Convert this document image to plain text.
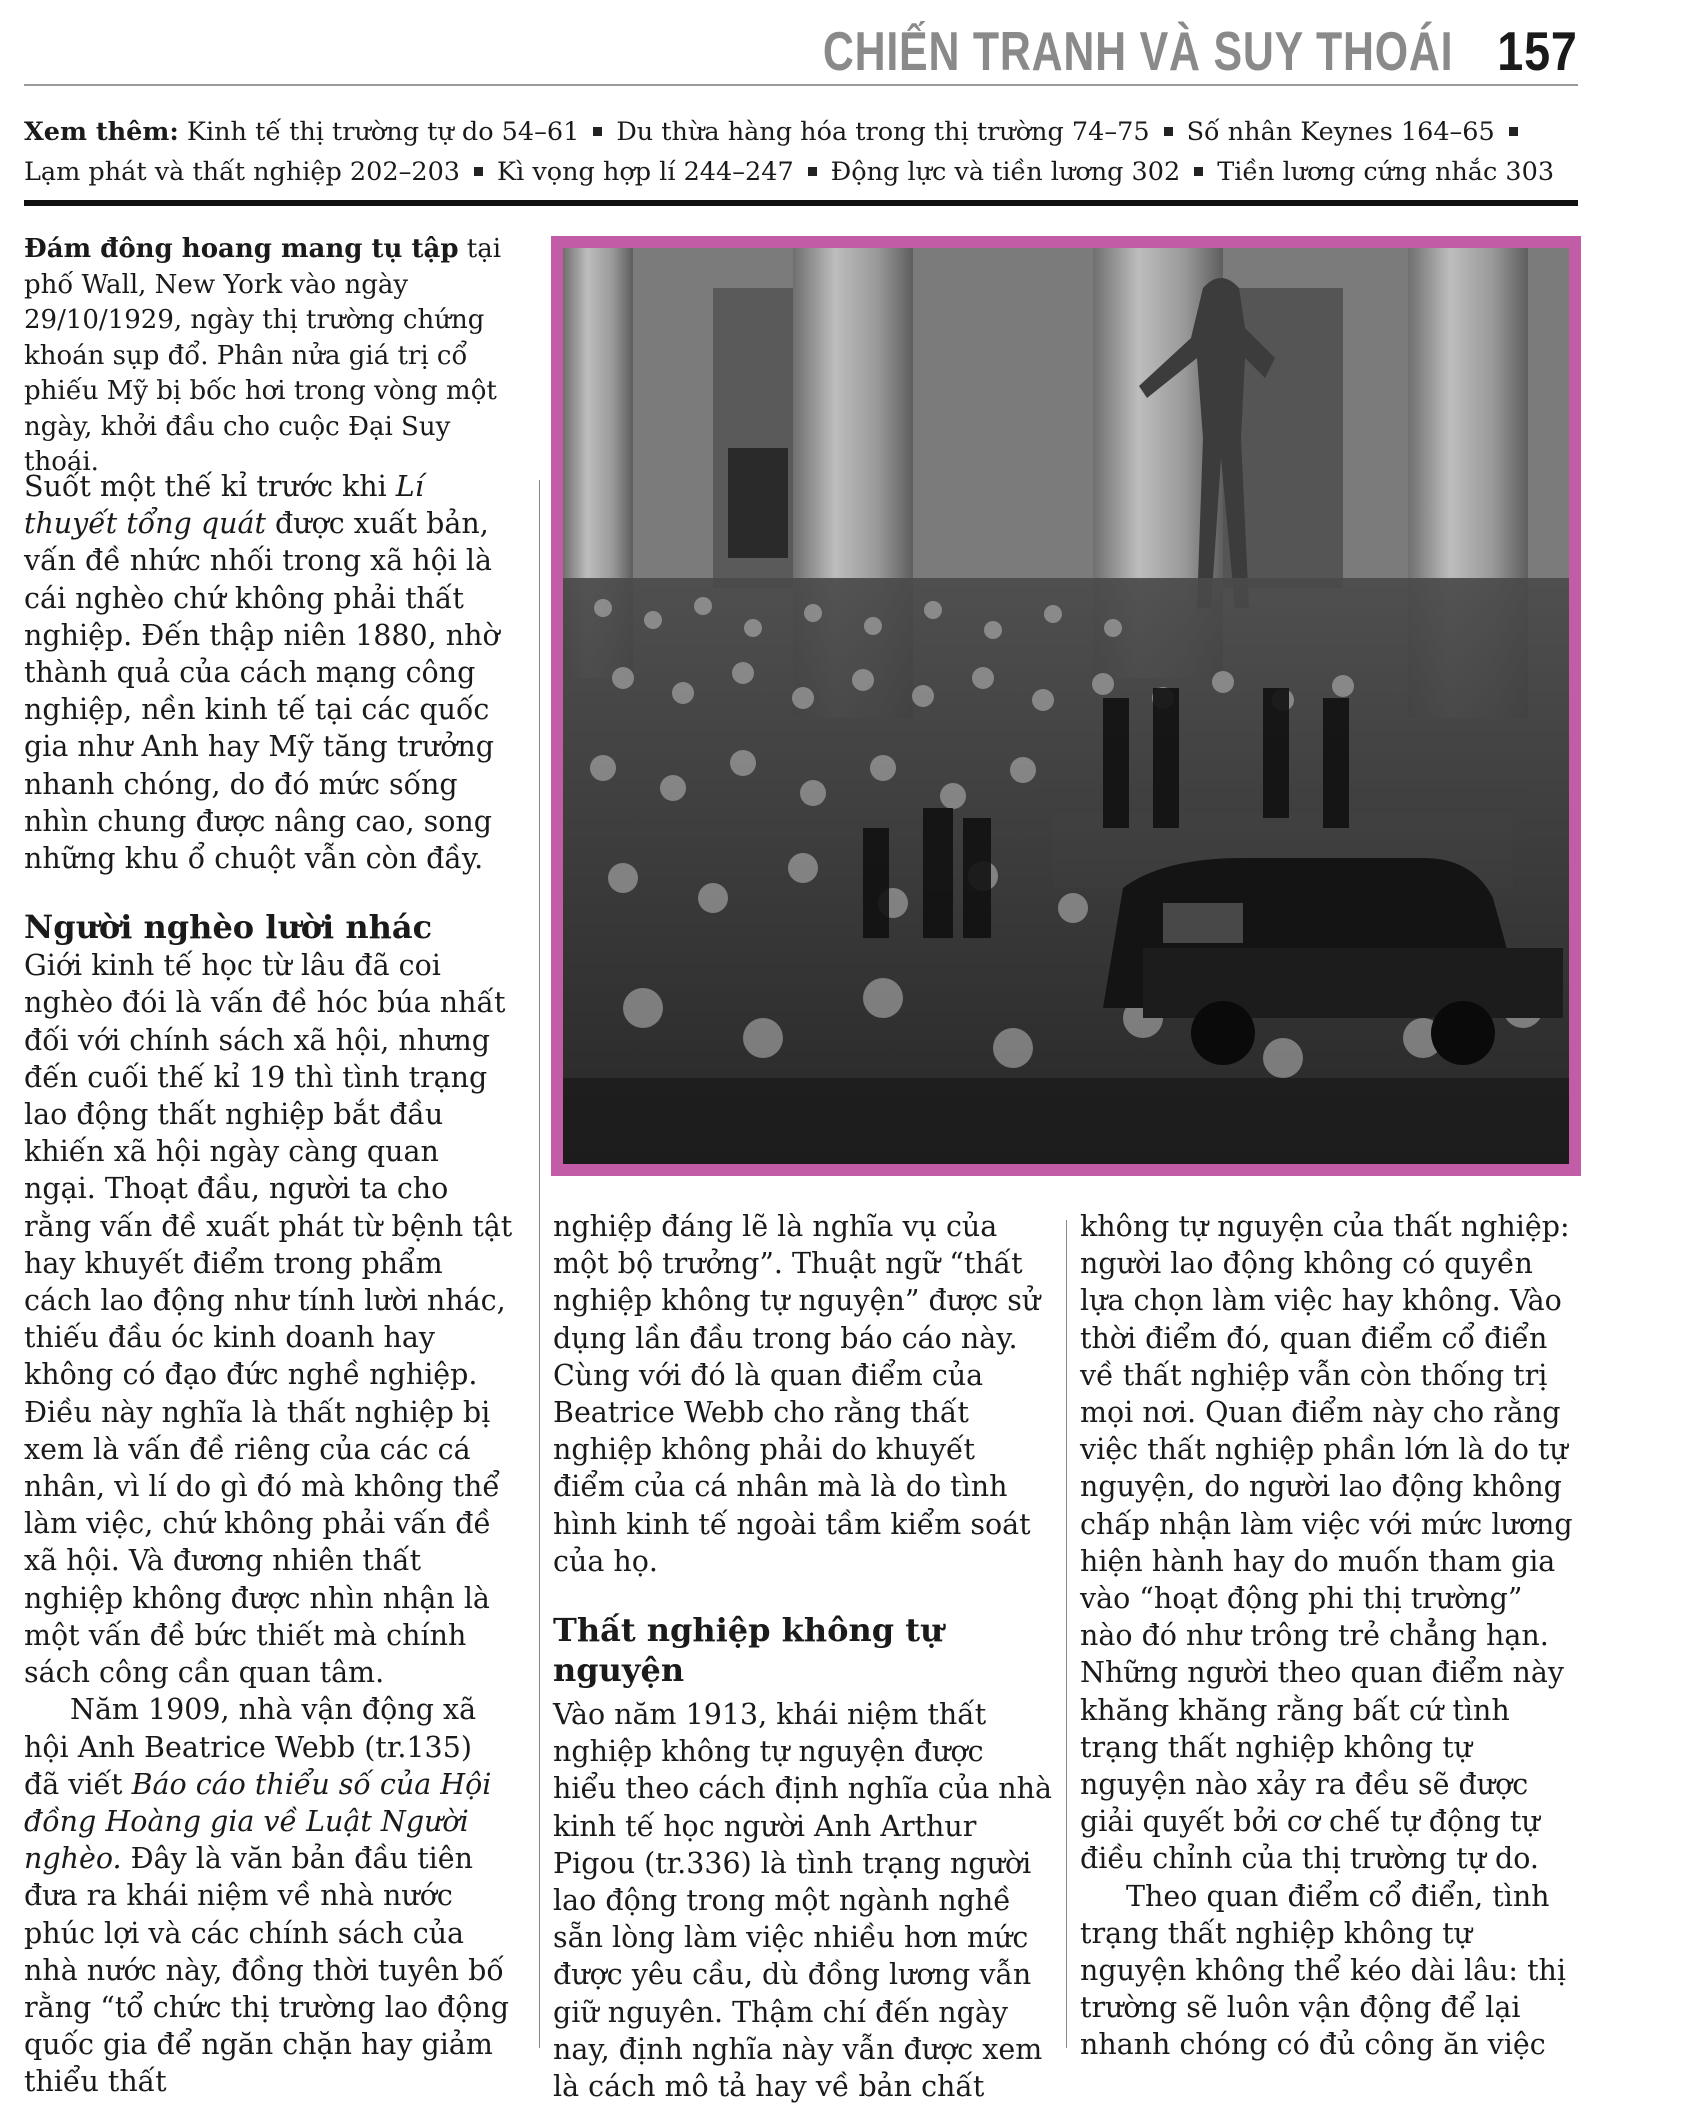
CHIẾN TRANH VÀ SUY THOÁI 157
Xem thêm: Kinh tế thị trường tự do 54–61 Du thừa hàng hóa trong thị trường 74–75 Số nhân Keynes 164–65Lạm phát và thất nghiệp 202–203 Kì vọng hợp lí 244–247 Động lực và tiền lương 302 Tiền lương cứng nhắc 303
Đám đông hoang mang tụ tập tại phố Wall, New York vào ngày 29/10/1929, ngày thị trường chứng khoán sụp đổ. Phân nửa giá trị cổ phiếu Mỹ bị bốc hơi trong vòng một ngày, khởi đầu cho cuộc Đại Suy thoái.

Suốt một thế kỉ trước khi Lí thuyết tổng quát được xuất bản, vấn đề nhức nhối trong xã hội là cái nghèo chứ không phải thất nghiệp. Đến thập niên 1880, nhờ thành quả của cách mạng công nghiệp, nền kinh tế tại các quốc gia như Anh hay Mỹ tăng trưởng nhanh chóng, do đó mức sống nhìn chung được nâng cao, song những khu ổ chuột vẫn còn đầy.

Người nghèo lười nhác

Giới kinh tế học từ lâu đã coi nghèo đói là vấn đề hóc búa nhất đối với chính sách xã hội, nhưng đến cuối thế kỉ 19 thì tình trạng lao động thất nghiệp bắt đầu khiến xã hội ngày càng quan ngại. Thoạt đầu, người ta cho rằng vấn đề xuất phát từ bệnh tật hay khuyết điểm trong phẩm cách lao động như tính lười nhác, thiếu đầu óc kinh doanh hay không có đạo đức nghề nghiệp. Điều này nghĩa là thất nghiệp bị xem là vấn đề riêng của các cá nhân, vì lí do gì đó mà không thể làm việc, chứ không phải vấn đề xã hội. Và đương nhiên thất nghiệp không được nhìn nhận là một vấn đề bức thiết mà chính sách công cần quan tâm.

Năm 1909, nhà vận động xã hội Anh Beatrice Webb (tr.135) đã viết Báo cáo thiểu số của Hội đồng Hoàng gia về Luật Người nghèo. Đây là văn bản đầu tiên đưa ra khái niệm về nhà nước phúc lợi và các chính sách của nhà nước này, đồng thời tuyên bố rằng “tổ chức thị trường lao động quốc gia để ngăn chặn hay giảm thiểu thất

nghiệp đáng lẽ là nghĩa vụ của một bộ trưởng”. Thuật ngữ “thất nghiệp không tự nguyện” được sử dụng lần đầu trong báo cáo này. Cùng với đó là quan điểm của Beatrice Webb cho rằng thất nghiệp không phải do khuyết điểm của cá nhân mà là do tình hình kinh tế ngoài tầm kiểm soát của họ.

Thất nghiệp không tự nguyện

Vào năm 1913, khái niệm thất nghiệp không tự nguyện được hiểu theo cách định nghĩa của nhà kinh tế học người Anh Arthur Pigou (tr.336) là tình trạng người lao động trong một ngành nghề sẵn lòng làm việc nhiều hơn mức được yêu cầu, dù đồng lương vẫn giữ nguyên. Thậm chí đến ngày nay, định nghĩa này vẫn được xem là cách mô tả hay về bản chất

không tự nguyện của thất nghiệp: người lao động không có quyền lựa chọn làm việc hay không. Vào thời điểm đó, quan điểm cổ điển về thất nghiệp vẫn còn thống trị mọi nơi. Quan điểm này cho rằng việc thất nghiệp phần lớn là do tự nguyện, do người lao động không chấp nhận làm việc với mức lương hiện hành hay do muốn tham gia vào “hoạt động phi thị trường” nào đó như trông trẻ chẳng hạn. Những người theo quan điểm này khăng khăng rằng bất cứ tình trạng thất nghiệp không tự nguyện nào xảy ra đều sẽ được giải quyết bởi cơ chế tự động tự điều chỉnh của thị trường tự do.

Theo quan điểm cổ điển, tình trạng thất nghiệp không tự nguyện không thể kéo dài lâu: thị trường sẽ luôn vận động để lại nhanh chóng có đủ công ăn việc
